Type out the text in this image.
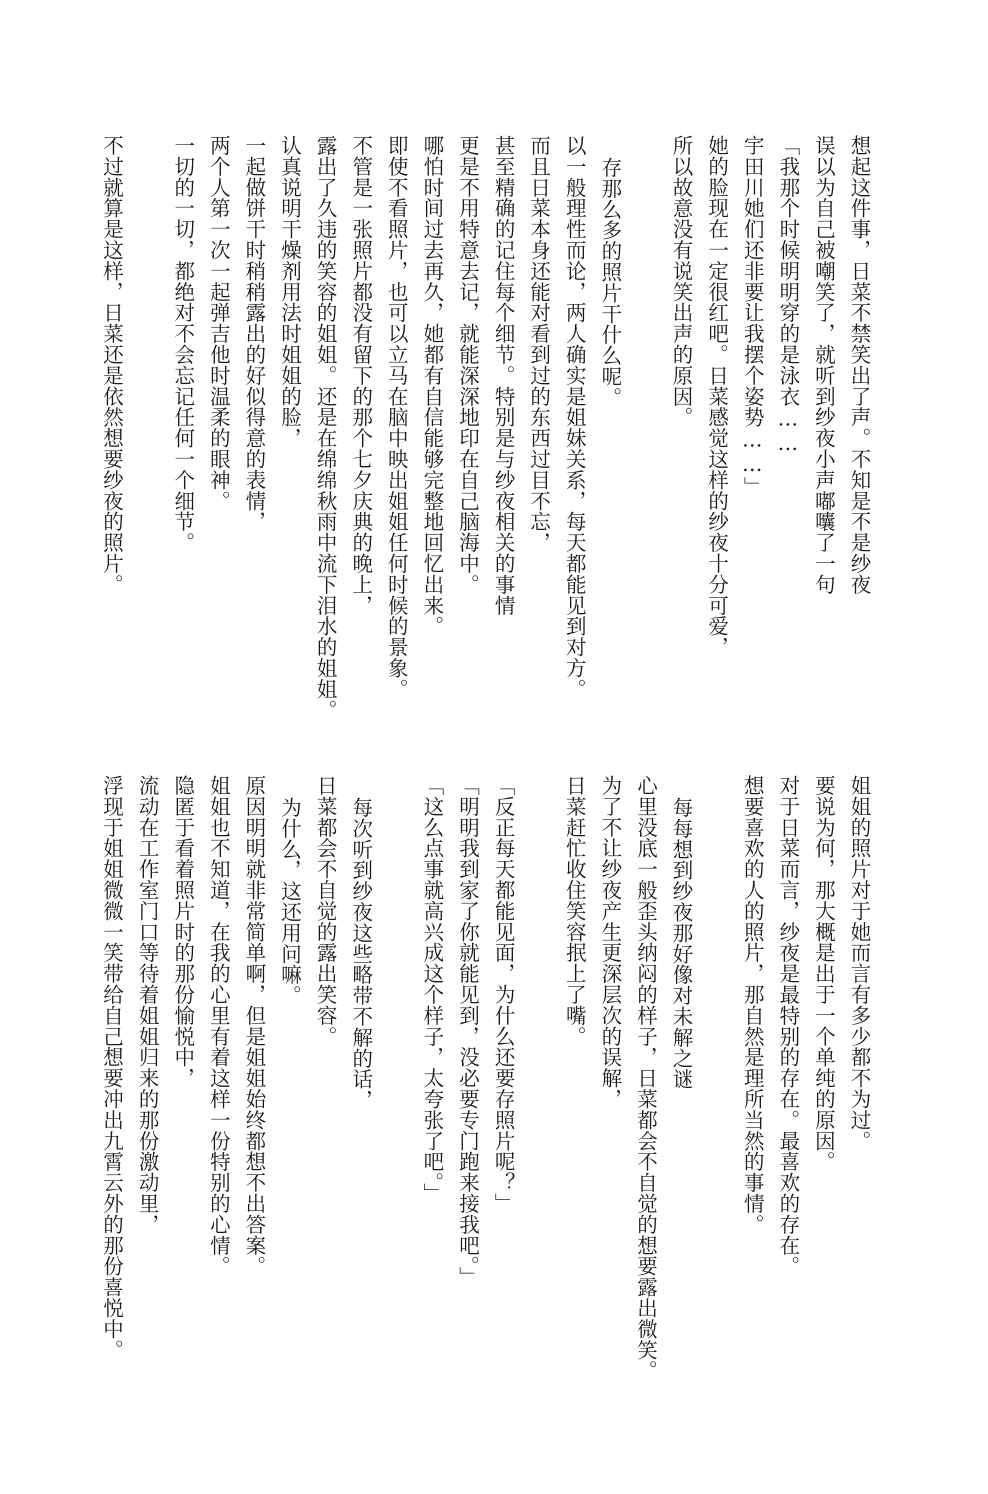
想起这件事，日菜不禁笑出了声。不知是不是纱夜
误以为自己被嘲笑了，就听到纱夜小声嘟囔了一句
「我那个时候明明穿的是泳衣……
宇田川她们还非要让我摆个姿势……」
她的脸现在一定很红吧。日菜感觉这样的纱夜十分可爱，
所以故意没有说笑出声的原因。
存那么多的照片干什么呢。
以一般理性而论，两人确实是姐妹关系，每天都能见到对方。
而且日菜本身还能对看到过的东西过目不忘，
甚至精确的记住每个细节。特别是与纱夜相关的事情
更是不用特意去记，就能深深地印在自己脑海中。
哪怕时间过去再久，她都有自信能够完整地回忆出来。
即使不看照片，也可以立马在脑中映出姐姐任何时候的景象。
不管是一张照片都没有留下的那个七夕庆典的晚上，
露出了久违的笑容的姐姐。还是在绵绵秋雨中流下泪水的姐姐。
认真说明干燥剂用法时姐姐的脸，
一起做饼干时稍稍露出的好似得意的表情，
两个人第一次一起弹吉他时温柔的眼神。
一切的一切，都绝对不会忘记任何一个细节。
不过就算是这样，日菜还是依然想要纱夜的照片。
姐姐的照片对于她而言有多少都不为过。
要说为何，那大概是出于一个单纯的原因。
对于日菜而言，纱夜是最特别的存在。最喜欢的存在。
想要喜欢的人的照片，那自然是理所当然的事情。
每每想到纱夜那好像对未解之谜
心里没底一般歪头纳闷的样子，日菜都会不自觉的想要露出微笑。
为了不让纱夜产生更深层次的误解，
日菜赶忙收住笑容抿上了嘴。
「反正每天都能见面，为什么还要存照片呢？」
「明明我到家了你就能见到，没必要专门跑来接我吧。」
「这么点事就高兴成这个样子，太夸张了吧。」
每次听到纱夜这些略带不解的话，
日菜都会不自觉的露出笑容。
为什么，这还用问嘛。
原因明明就非常简单啊，但是姐姐始终都想不出答案。
姐姐也不知道，在我的心里有着这样一份特别的心情。
隐匿于看着照片时的那份愉悦中，
流动在工作室门口等待着姐姐归来的那份激动里，
浮现于姐姐微微一笑带给自己想要冲出九霄云外的那份喜悦中。
